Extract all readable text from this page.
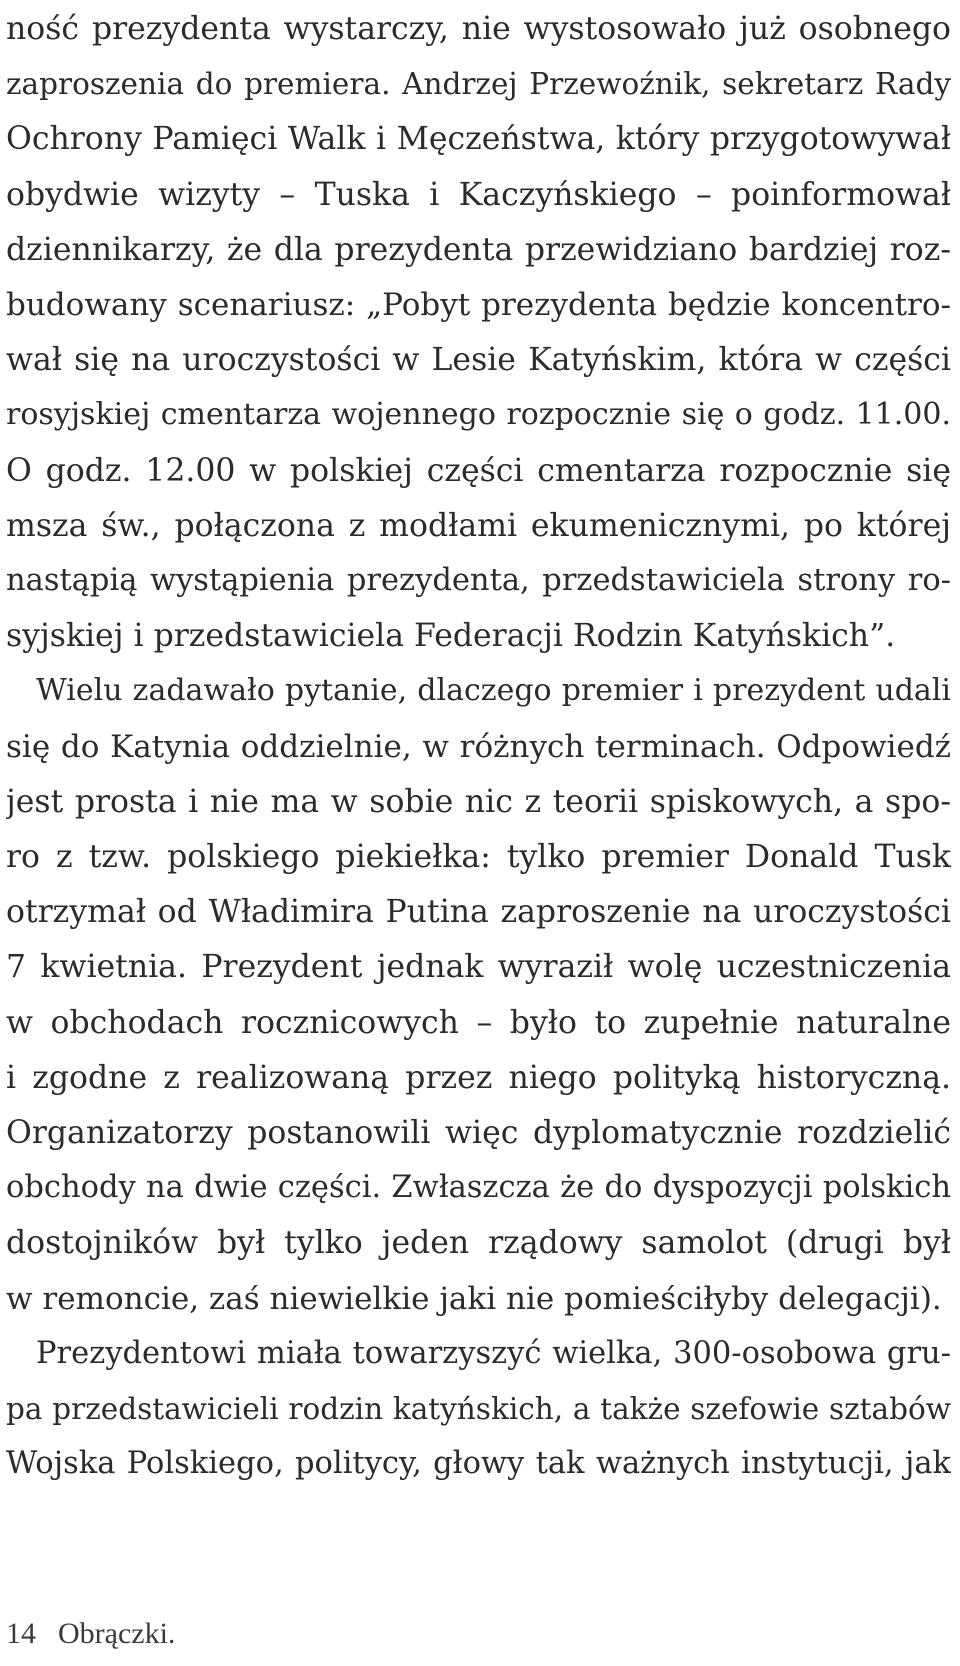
ność prezydenta wystarczy, nie wystosowało już osobnego
zaproszenia do premiera. Andrzej Przewoźnik, sekretarz Rady
Ochrony Pamięci Walk i Męczeństwa, który przygotowywał
obydwie wizyty – Tuska i Kaczyńskiego – poinformował
dziennikarzy, że dla prezydenta przewidziano bardziej roz-
budowany scenariusz: „Pobyt prezydenta będzie koncentro-
wał się na uroczystości w Lesie Katyńskim, która w części
rosyjskiej cmentarza wojennego rozpocznie się o godz. 11.00.
O godz. 12.00 w polskiej części cmentarza rozpocznie się
msza św., połączona z modłami ekumenicznymi, po której
nastąpią wystąpienia prezydenta, przedstawiciela strony ro-
syjskiej i przedstawiciela Federacji Rodzin Katyńskich”.
Wielu zadawało pytanie, dlaczego premier i prezydent udali
się do Katynia oddzielnie, w różnych terminach. Odpowiedź
jest prosta i nie ma w sobie nic z teorii spiskowych, a spo-
ro z tzw. polskiego piekiełka: tylko premier Donald Tusk
otrzymał od Władimira Putina zaproszenie na uroczystości
7 kwietnia. Prezydent jednak wyraził wolę uczestniczenia
w obchodach rocznicowych – było to zupełnie naturalne
i zgodne z realizowaną przez niego polityką historyczną.
Organizatorzy postanowili więc dyplomatycznie rozdzielić
obchody na dwie części. Zwłaszcza że do dyspozycji polskich
dostojników był tylko jeden rządowy samolot (drugi był
w remoncie, zaś niewielkie jaki nie pomieściłyby delegacji).
Prezydentowi miała towarzyszyć wielka, 300-osobowa gru-
pa przedstawicieli rodzin katyńskich, a także szefowie sztabów
Wojska Polskiego, politycy, głowy tak ważnych instytucji, jak
14 Obrączki.
